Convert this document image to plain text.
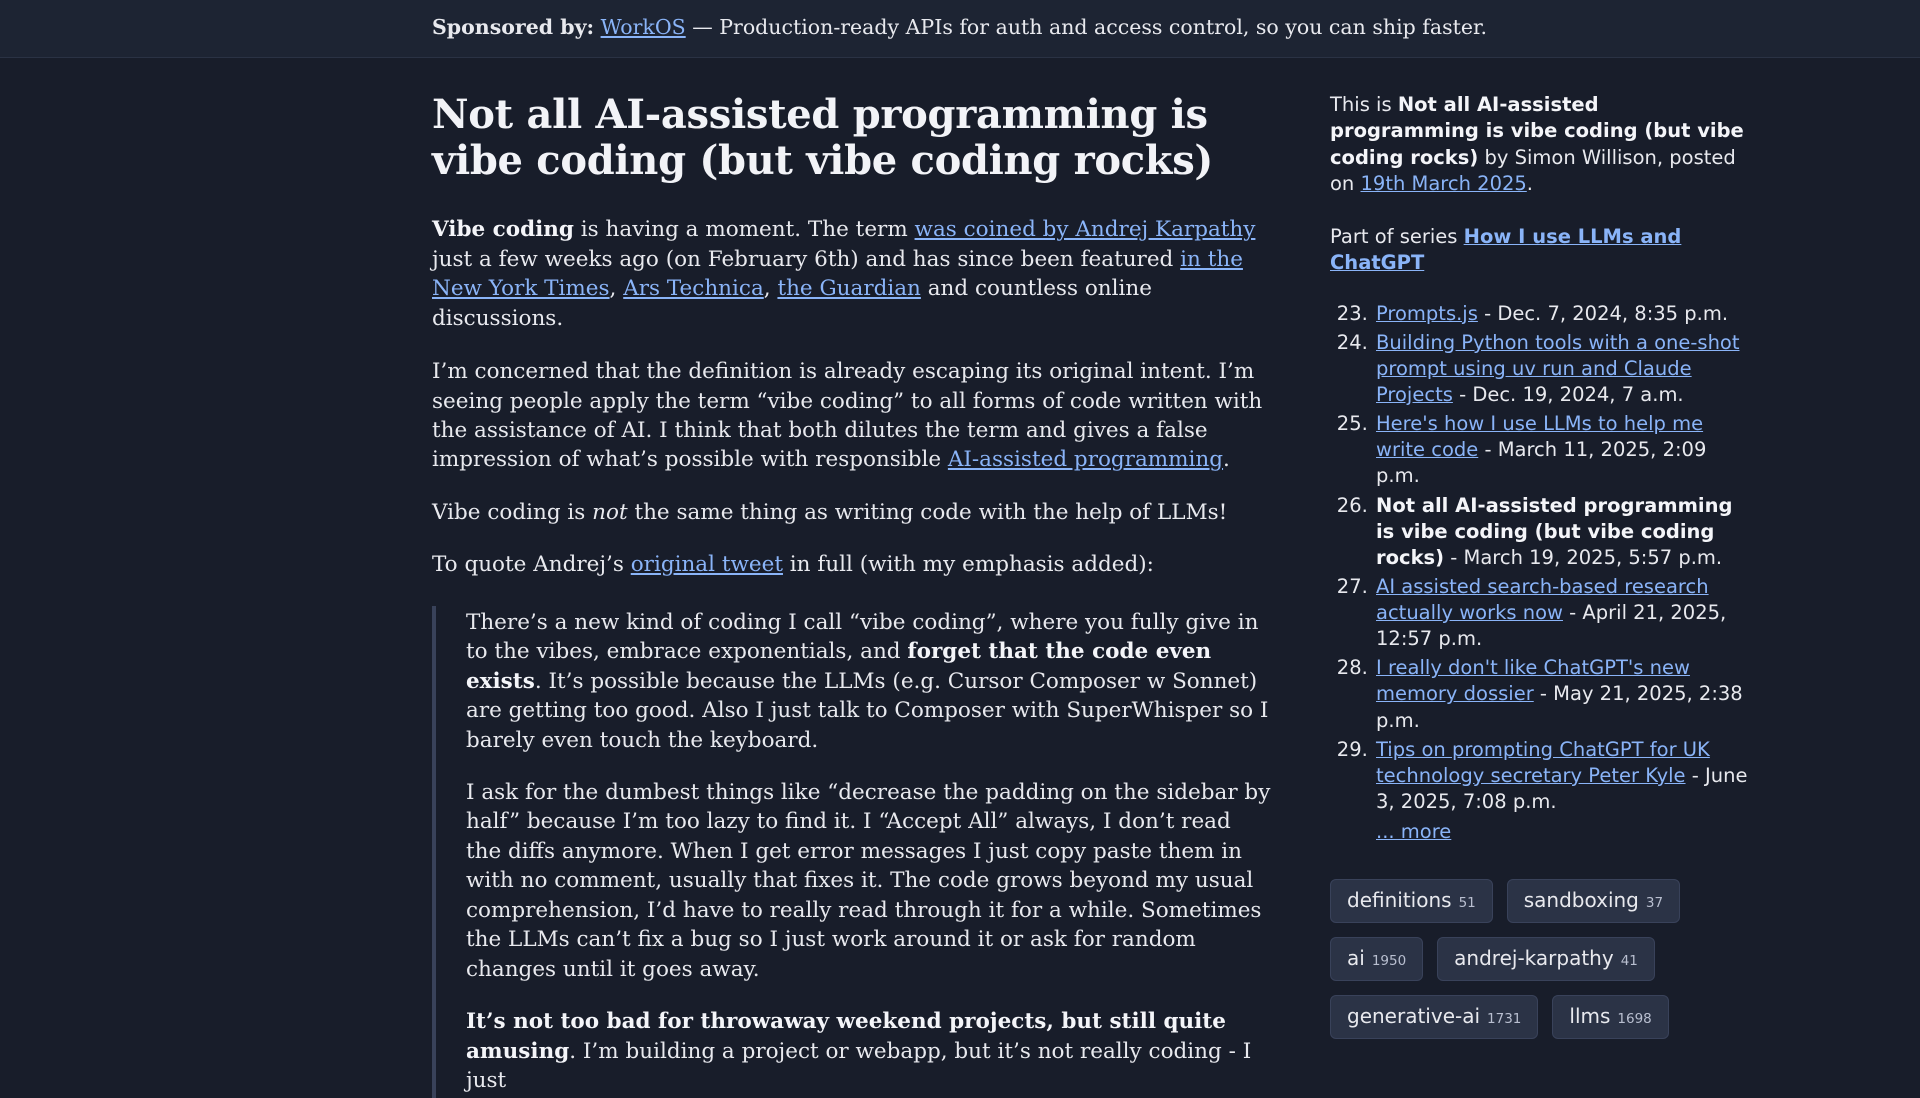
Sponsored by: WorkOS — Production-ready APIs for auth and access control, so you can ship faster.
Not all AI-assisted programming is vibe coding (but vibe coding rocks)

Vibe coding is having a moment. The term was coined by Andrej Karpathy just a few weeks ago (on February 6th) and has since been featured in the New York Times, Ars Technica, the Guardian and countless online discussions.

I’m concerned that the definition is already escaping its original intent. I’m seeing people apply the term “vibe coding” to all forms of code written with the assistance of AI. I think that both dilutes the term and gives a false impression of what’s possible with responsible AI-assisted programming.

Vibe coding is not the same thing as writing code with the help of LLMs!

To quote Andrej’s original tweet in full (with my emphasis added):

There’s a new kind of coding I call “vibe coding”, where you fully give in to the vibes, embrace exponentials, and forget that the code even exists. It’s possible because the LLMs (e.g. Cursor Composer w Sonnet) are getting too good. Also I just talk to Composer with SuperWhisper so I barely even touch the keyboard.

I ask for the dumbest things like “decrease the padding on the sidebar by half” because I’m too lazy to find it. I “Accept All” always, I don’t read the diffs anymore. When I get error messages I just copy paste them in with no comment, usually that fixes it. The code grows beyond my usual comprehension, I’d have to really read through it for a while. Sometimes the LLMs can’t fix a bug so I just work around it or ask for random changes until it goes away.

It’s not too bad for throwaway weekend projects, but still quite amusing. I’m building a project or webapp, but it’s not really coding - I just

This is Not all AI-assisted programming is vibe coding (but vibe coding rocks) by Simon Willison, posted on 19th March 2025.

Part of series How I use LLMs and ChatGPT

23. Prompts.js - Dec. 7, 2024, 8:35 p.m.
24. Building Python tools with a one-shot prompt using uv run and Claude Projects - Dec. 19, 2024, 7 a.m.
25. Here's how I use LLMs to help me write code - March 11, 2025, 2:09 p.m.
26. Not all AI-assisted programming is vibe coding (but vibe coding rocks) - March 19, 2025, 5:57 p.m.
27. AI assisted search-based research actually works now - April 21, 2025, 12:57 p.m.
28. I really don't like ChatGPT's new memory dossier - May 21, 2025, 2:38 p.m.
29. Tips on prompting ChatGPT for UK technology secretary Peter Kyle - June 3, 2025, 7:08 p.m.
... more
definitions 51 sandboxing 37
ai 1950 andrej-karpathy 41
generative-ai 1731 llms 1698
